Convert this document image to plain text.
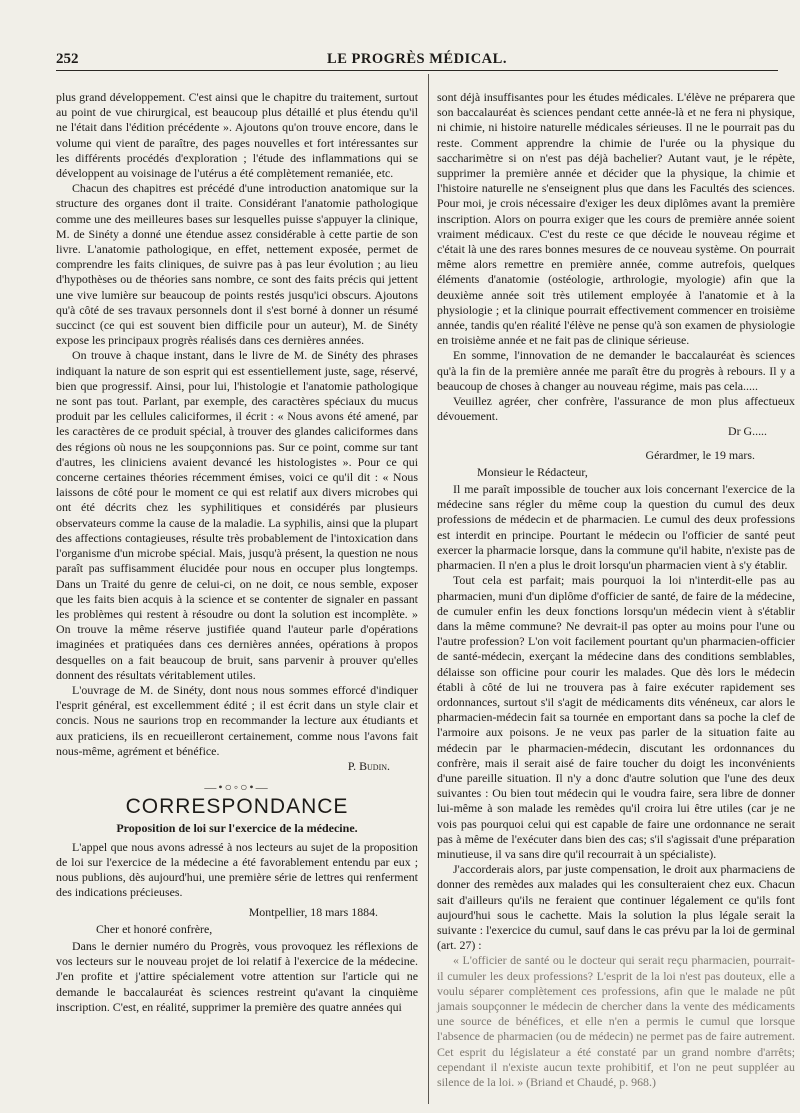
252	LE PROGRÈS MÉDICAL.

plus grand développement. C'est ainsi que le chapitre du traitement, surtout au point de vue chirurgical, est beaucoup plus détaillé et plus étendu qu'il ne l'était dans l'édition précédente ». Ajoutons qu'on trouve encore, dans le volume qui vient de paraître, des pages nouvelles et fort intéressantes sur les différents procédés d'exploration ; l'étude des inflammations qui se développent au voisinage de l'utérus a été complètement remaniée, etc.

Chacun des chapitres est précédé d'une introduction anatomique sur la structure des organes dont il traite. Considérant l'anatomie pathologique comme une des meilleures bases sur lesquelles puisse s'appuyer la clinique, M. de Sinéty a donné une étendue assez considérable à cette partie de son livre. L'anatomie pathologique, en effet, nettement exposée, permet de comprendre les faits cliniques, de suivre pas à pas leur évolution ; au lieu d'hypothèses ou de théories sans nombre, ce sont des faits précis qui jettent une vive lumière sur beaucoup de points restés jusqu'ici obscurs. Ajoutons qu'à côté de ses travaux personnels dont il s'est borné à donner un résumé succinct (ce qui est souvent bien difficile pour un auteur), M. de Sinéty expose les principaux progrès réalisés dans ces dernières années.

On trouve à chaque instant, dans le livre de M. de Sinéty des phrases indiquant la nature de son esprit qui est essentiellement juste, sage, réservé, bien que progressif. Ainsi, pour lui, l'histologie et l'anatomie pathologique ne sont pas tout. Parlant, par exemple, des caractères spéciaux du mucus produit par les cellules caliciformes, il écrit : « Nous avons été amené, par les caractères de ce produit spécial, à trouver des glandes caliciformes dans des régions où nous ne les soupçonnions pas. Sur ce point, comme sur tant d'autres, les cliniciens avaient devancé les histologistes ». Pour ce qui concerne certaines théories récemment émises, voici ce qu'il dit : « Nous laissons de côté pour le moment ce qui est relatif aux divers microbes qui ont été décrits chez les syphilitiques et considérés par plusieurs observateurs comme la cause de la maladie. La syphilis, ainsi que la plupart des affections contagieuses, résulte très probablement de l'intoxication dans l'organisme d'un microbe spécial. Mais, jusqu'à présent, la question ne nous paraît pas suffisamment élucidée pour nous en occuper plus longtemps. Dans un Traité du genre de celui-ci, on ne doit, ce nous semble, exposer que les faits bien acquis à la science et se contenter de signaler en passant les problèmes qui restent à résoudre ou dont la solution est incomplète. » On trouve la même réserve justifiée quand l'auteur parle d'opérations imaginées et pratiquées dans ces dernières années, opérations à propos desquelles on a fait beaucoup de bruit, sans parvenir à prouver qu'elles donnent des résultats véritablement utiles.

L'ouvrage de M. de Sinéty, dont nous nous sommes efforcé d'indiquer l'esprit général, est excellemment édité ; il est écrit dans un style clair et concis. Nous ne saurions trop en recommander la lecture aux étudiants et aux praticiens, ils en recueilleront certainement, comme nous l'avons fait nous-même, agrément et bénéfice.

P. Budin.

—•○◦○•—
CORRESPONDANCE
Proposition de loi sur l'exercice de la médecine.

L'appel que nous avons adressé à nos lecteurs au sujet de la proposition de loi sur l'exercice de la médecine a été favorablement entendu par eux ; nous publions, dès aujourd'hui, une première série de lettres qui renferment des indications précieuses.

Montpellier, 18 mars 1884.

Cher et honoré confrère,

Dans le dernier numéro du Progrès, vous provoquez les réflexions de vos lecteurs sur le nouveau projet de loi relatif à l'exercice de la médecine. J'en profite et j'attire spécialement votre attention sur l'article qui ne demande le baccalauréat ès sciences restreint qu'avant la cinquième inscription. C'est, en réalité, supprimer la première des quatre années qui

sont déjà insuffisantes pour les études médicales. L'élève ne préparera que son baccalauréat ès sciences pendant cette année-là et ne fera ni physique, ni chimie, ni histoire naturelle médicales sérieuses. Il ne le pourrait pas du reste. Comment apprendre la chimie de l'urée ou la physique du saccharimètre si on n'est pas déjà bachelier? Autant vaut, je le répète, supprimer la première année et décider que la physique, la chimie et l'histoire naturelle ne s'enseignent plus que dans les Facultés des sciences. Pour moi, je crois nécessaire d'exiger les deux diplômes avant la première inscription. Alors on pourra exiger que les cours de première année soient vraiment médicaux. C'est du reste ce que décide le nouveau régime et c'était là une des rares bonnes mesures de ce nouveau système. On pourrait même alors remettre en première année, comme autrefois, quelques éléments d'anatomie (ostéologie, arthrologie, myologie) afin que la deuxième année soit très utilement employée à l'anatomie et à la physiologie ; et la clinique pourrait effectivement commencer en troisième année, tandis qu'en réalité l'élève ne pense qu'à son examen de physiologie en troisième année et ne fait pas de clinique sérieuse.

En somme, l'innovation de ne demander le baccalauréat ès sciences qu'à la fin de la première année me paraît être du progrès à rebours. Il y a beaucoup de choses à changer au nouveau régime, mais pas cela.....

Veuillez agréer, cher confrère, l'assurance de mon plus affectueux dévouement.

Dr G.....

Gérardmer, le 19 mars.

Monsieur le Rédacteur,

Il me paraît impossible de toucher aux lois concernant l'exercice de la médecine sans régler du même coup la question du cumul des deux professions de médecin et de pharmacien. Le cumul des deux professions est interdit en principe. Pourtant le médecin ou l'officier de santé peut exercer la pharmacie lorsque, dans la commune qu'il habite, n'existe pas de pharmacien. Il n'en a plus le droit lorsqu'un pharmacien vient à s'y établir.

Tout cela est parfait; mais pourquoi la loi n'interdit-elle pas au pharmacien, muni d'un diplôme d'officier de santé, de faire de la médecine, de cumuler enfin les deux fonctions lorsqu'un médecin vient à s'établir dans la même commune? Ne devrait-il pas opter au moins pour l'une ou l'autre profession? L'on voit facilement pourtant qu'un pharmacien-officier de santé-médecin, exerçant la médecine dans des conditions semblables, délaisse son officine pour courir les malades. Que dès lors le médecin établi à côté de lui ne trouvera pas à faire exécuter rapidement ses ordonnances, surtout s'il s'agit de médicaments dits vénéneux, car alors le pharmacien-médecin fait sa tournée en emportant dans sa poche la clef de l'armoire aux poisons. Je ne veux pas parler de la situation faite au médecin par le pharmacien-médecin, discutant les ordonnances du confrère, mais il serait aisé de faire toucher du doigt les inconvénients d'une pareille situation. Il n'y a donc d'autre solution que l'une des deux suivantes : Ou bien tout médecin qui le voudra faire, sera libre de donner lui-même à son malade les remèdes qu'il croira lui être utiles (car je ne vois pas pourquoi celui qui est capable de faire une ordonnance ne serait pas à même de l'exécuter dans bien des cas; s'il s'agissait d'une préparation minutieuse, il va sans dire qu'il recourrait à un spécialiste).

J'accorderais alors, par juste compensation, le droit aux pharmaciens de donner des remèdes aux malades qui les consulteraient chez eux. Chacun sait d'ailleurs qu'ils ne feraient que continuer légalement ce qu'ils font aujourd'hui sous le cachette. Mais la solution la plus légale serait la suivante : l'exercice du cumul, sauf dans le cas prévu par la loi de germinal (art. 27) :

« L'officier de santé ou le docteur qui serait reçu pharmacien, pourrait-il cumuler les deux professions? L'esprit de la loi n'est pas douteux, elle a voulu séparer complètement ces professions, afin que le malade ne pût jamais soupçonner le médecin de chercher dans la vente des médicaments une source de bénéfices, et elle n'en a permis le cumul que lorsque l'absence de pharmacien (ou de médecin) ne permet pas de faire autrement. Cet esprit du législateur a été constaté par un grand nombre d'arrêts; cependant il n'existe aucun texte prohibitif, et l'on ne peut suppléer au silence de la loi. » (Briand et Chaudé, p. 968.)
